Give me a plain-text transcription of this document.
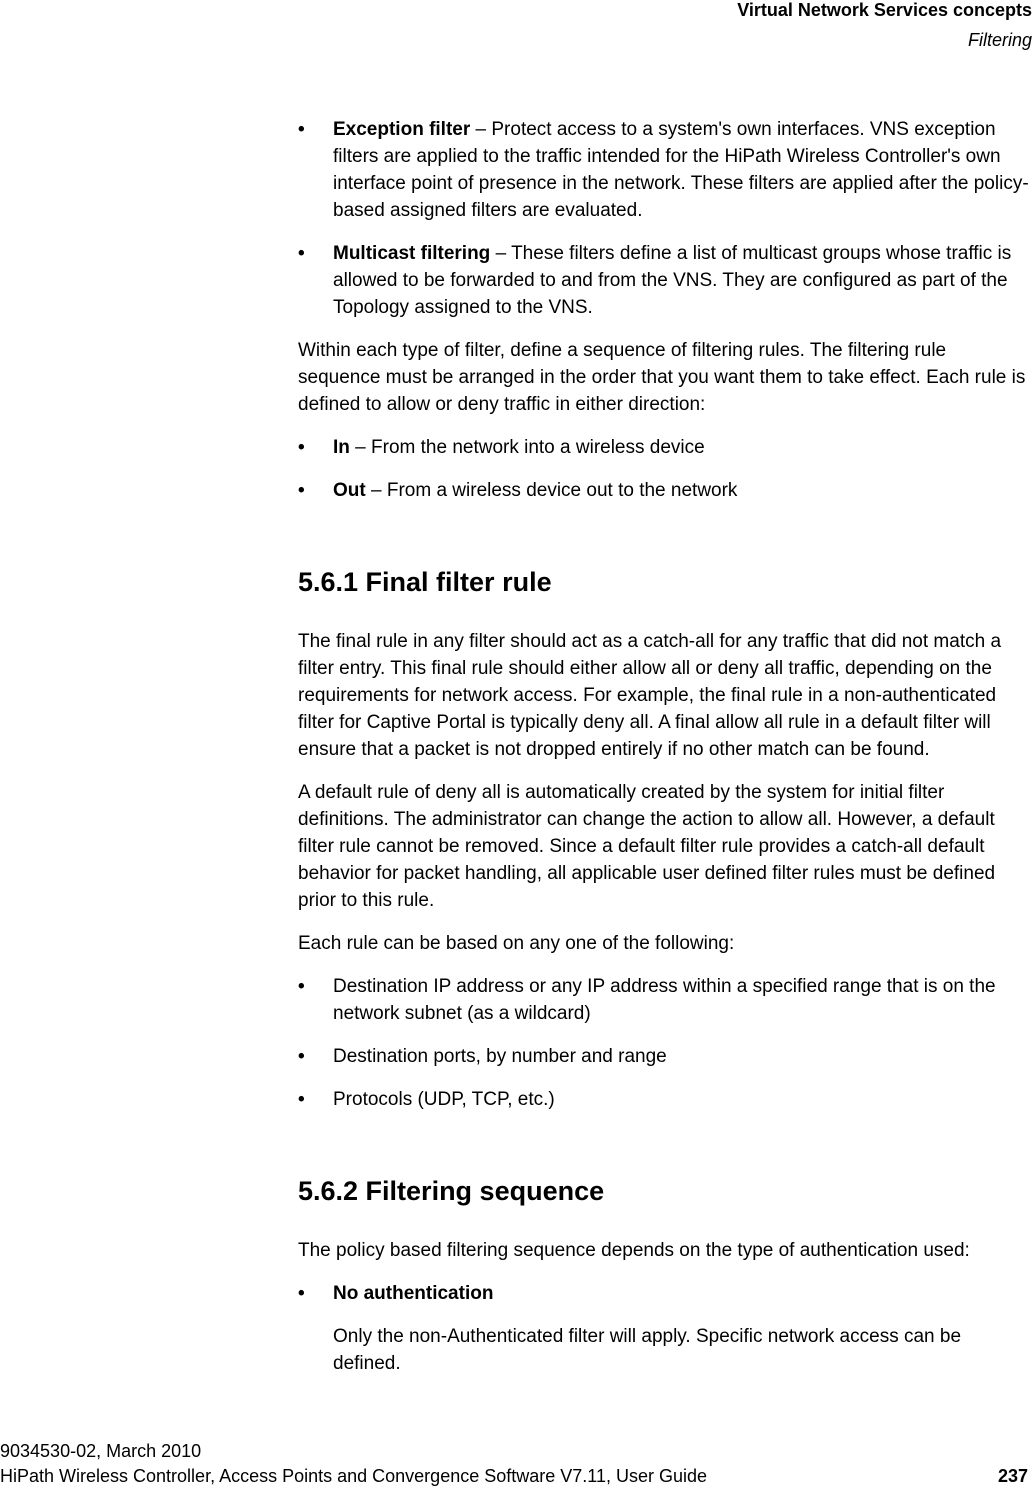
Virtual Network Services concepts
Filtering
• Exception filter – Protect access to a system's own interfaces. VNS exception filters are applied to the traffic intended for the HiPath Wireless Controller's own interface point of presence in the network. These filters are applied after the policy-based assigned filters are evaluated.
• Multicast filtering – These filters define a list of multicast groups whose traffic is allowed to be forwarded to and from the VNS. They are configured as part of the Topology assigned to the VNS.

Within each type of filter, define a sequence of filtering rules. The filtering rule sequence must be arranged in the order that you want them to take effect. Each rule is defined to allow or deny traffic in either direction:

• In – From the network into a wireless device
• Out – From a wireless device out to the network
5.6.1 Final filter rule

The final rule in any filter should act as a catch-all for any traffic that did not match a filter entry. This final rule should either allow all or deny all traffic, depending on the requirements for network access. For example, the final rule in a non-authenticated filter for Captive Portal is typically deny all. A final allow all rule in a default filter will ensure that a packet is not dropped entirely if no other match can be found.

A default rule of deny all is automatically created by the system for initial filter definitions. The administrator can change the action to allow all. However, a default filter rule cannot be removed. Since a default filter rule provides a catch-all default behavior for packet handling, all applicable user defined filter rules must be defined prior to this rule.

Each rule can be based on any one of the following:

• Destination IP address or any IP address within a specified range that is on the network subnet (as a wildcard)
• Destination ports, by number and range
• Protocols (UDP, TCP, etc.)
5.6.2 Filtering sequence

The policy based filtering sequence depends on the type of authentication used:

• No authentication

Only the non-Authenticated filter will apply. Specific network access can be defined.

9034530-02, March 2010
HiPath Wireless Controller, Access Points and Convergence Software V7.11, User Guide	237
